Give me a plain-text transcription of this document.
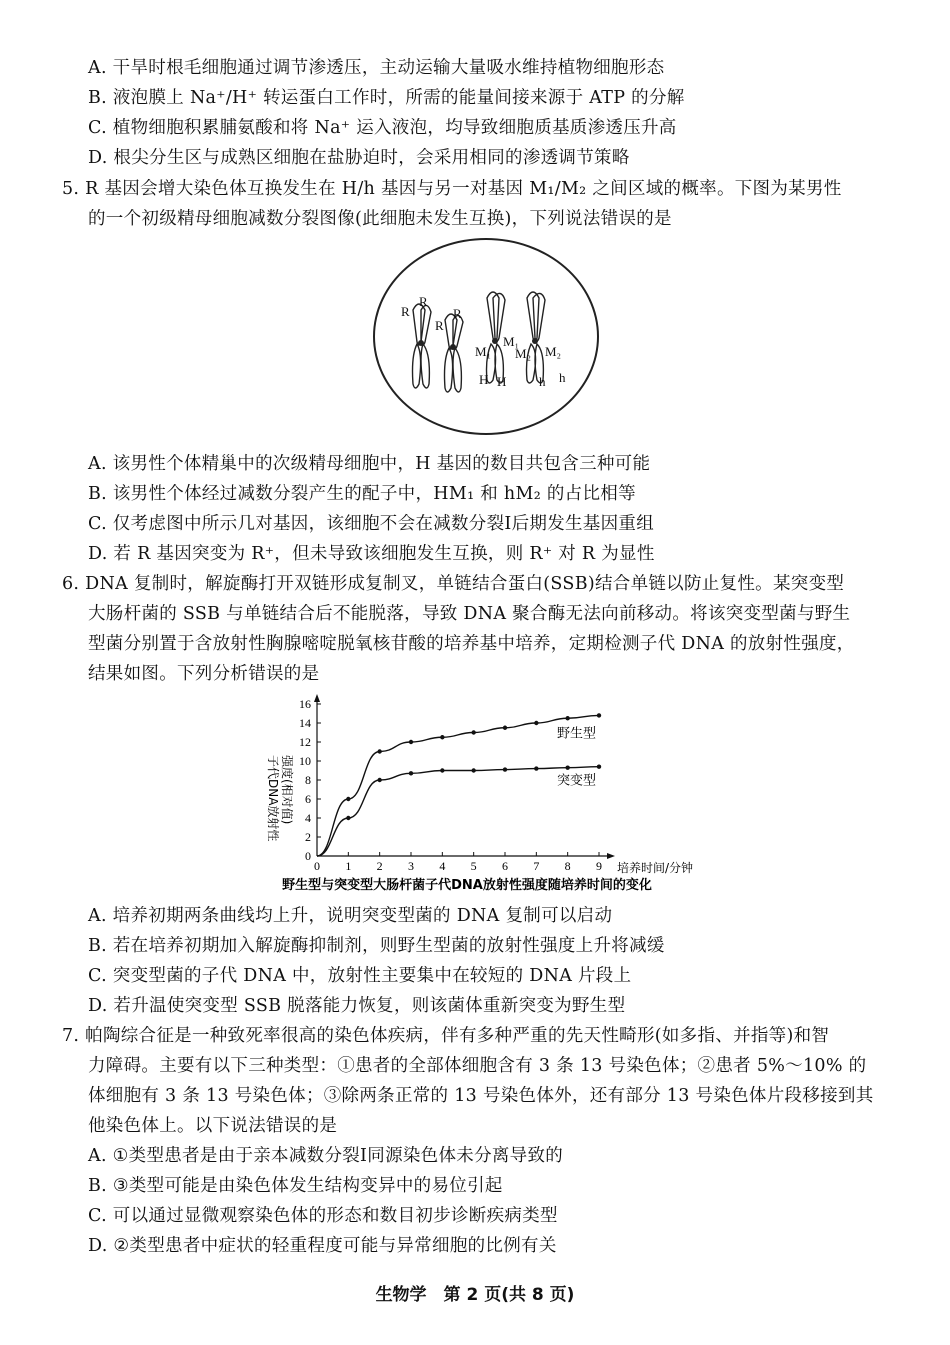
A. 干旱时根毛细胞通过调节渗透压，主动运输大量吸水维持植物细胞形态
B. 液泡膜上 Na⁺/H⁺ 转运蛋白工作时，所需的能量间接来源于 ATP 的分解
C. 植物细胞积累脯氨酸和将 Na⁺ 运入液泡，均导致细胞质基质渗透压升高
D. 根尖分生区与成熟区细胞在盐胁迫时，会采用相同的渗透调节策略
5. R 基因会增大染色体互换发生在 H/h 基因与另一对基因 M₁/M₂ 之间区域的概率。下图为某男性
的一个初级精母细胞减数分裂图像(此细胞未发生互换)，下列说法错误的是
R
R
R
R
M₁
M₁
M₂ M₂
H H	h h
A. 该男性个体精巢中的次级精母细胞中，H 基因的数目共包含三种可能
B. 该男性个体经过减数分裂产生的配子中，HM₁ 和 hM₂ 的占比相等
C. 仅考虑图中所示几对基因，该细胞不会在减数分裂Ⅰ后期发生基因重组
D. 若 R 基因突变为 R⁺，但未导致该细胞发生互换，则 R⁺ 对 R 为显性
6. DNA 复制时，解旋酶打开双链形成复制叉，单链结合蛋白(SSB)结合单链以防止复性。某突变型
大肠杆菌的 SSB 与单链结合后不能脱落，导致 DNA 聚合酶无法向前移动。将该突变型菌与野生
型菌分别置于含放射性胸腺嘧啶脱氧核苷酸的培养基中培养，定期检测子代 DNA 的放射性强度，
结果如图。下列分析错误的是
0
2
4
6
8
10
12
14
16
0 1 2 3 4 5 6 7 8 9 培养时间/分钟
子代DNA放射性 强度(相对值)
野生型
突变型
野生型与突变型大肠杆菌子代DNA放射性强度随培养时间的变化
A. 培养初期两条曲线均上升，说明突变型菌的 DNA 复制可以启动
B. 若在培养初期加入解旋酶抑制剂，则野生型菌的放射性强度上升将减缓
C. 突变型菌的子代 DNA 中，放射性主要集中在较短的 DNA 片段上
D. 若升温使突变型 SSB 脱落能力恢复，则该菌体重新突变为野生型
7. 帕陶综合征是一种致死率很高的染色体疾病，伴有多种严重的先天性畸形(如多指、并指等)和智
力障碍。主要有以下三种类型：①患者的全部体细胞含有 3 条 13 号染色体；②患者 5%～10% 的
体细胞有 3 条 13 号染色体；③除两条正常的 13 号染色体外，还有部分 13 号染色体片段移接到其
他染色体上。以下说法错误的是
A. ①类型患者是由于亲本减数分裂Ⅰ同源染色体未分离导致的
B. ③类型可能是由染色体发生结构变异中的易位引起
C. 可以通过显微观察染色体的形态和数目初步诊断疾病类型
D. ②类型患者中症状的轻重程度可能与异常细胞的比例有关
生物学　第 2 页(共 8 页)
